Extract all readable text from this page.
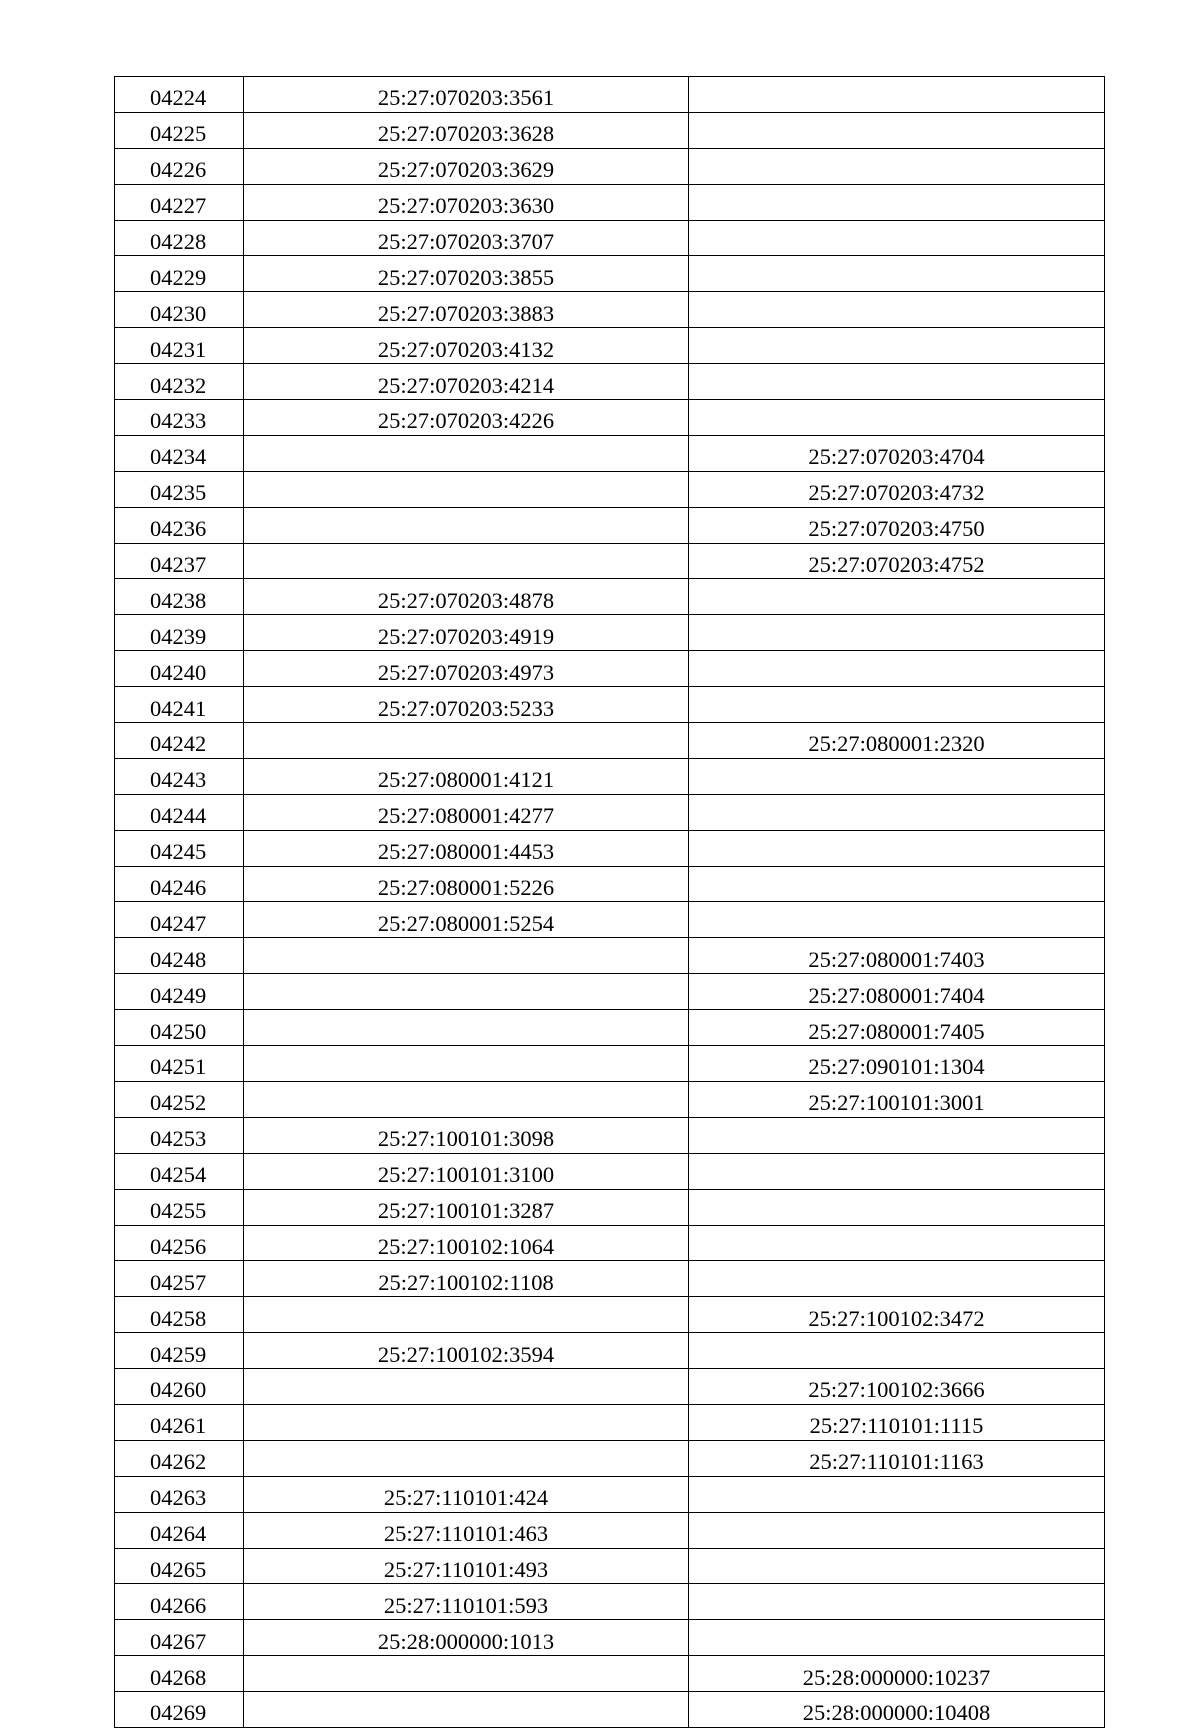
04224	25:27:070203:3561	
04225	25:27:070203:3628	
04226	25:27:070203:3629	
04227	25:27:070203:3630	
04228	25:27:070203:3707	
04229	25:27:070203:3855	
04230	25:27:070203:3883	
04231	25:27:070203:4132	
04232	25:27:070203:4214	
04233	25:27:070203:4226	
04234		25:27:070203:4704
04235		25:27:070203:4732
04236		25:27:070203:4750
04237		25:27:070203:4752
04238	25:27:070203:4878	
04239	25:27:070203:4919	
04240	25:27:070203:4973	
04241	25:27:070203:5233	
04242		25:27:080001:2320
04243	25:27:080001:4121	
04244	25:27:080001:4277	
04245	25:27:080001:4453	
04246	25:27:080001:5226	
04247	25:27:080001:5254	
04248		25:27:080001:7403
04249		25:27:080001:7404
04250		25:27:080001:7405
04251		25:27:090101:1304
04252		25:27:100101:3001
04253	25:27:100101:3098	
04254	25:27:100101:3100	
04255	25:27:100101:3287	
04256	25:27:100102:1064	
04257	25:27:100102:1108	
04258		25:27:100102:3472
04259	25:27:100102:3594	
04260		25:27:100102:3666
04261		25:27:110101:1115
04262		25:27:110101:1163
04263	25:27:110101:424	
04264	25:27:110101:463	
04265	25:27:110101:493	
04266	25:27:110101:593	
04267	25:28:000000:1013	
04268		25:28:000000:10237
04269		25:28:000000:10408
